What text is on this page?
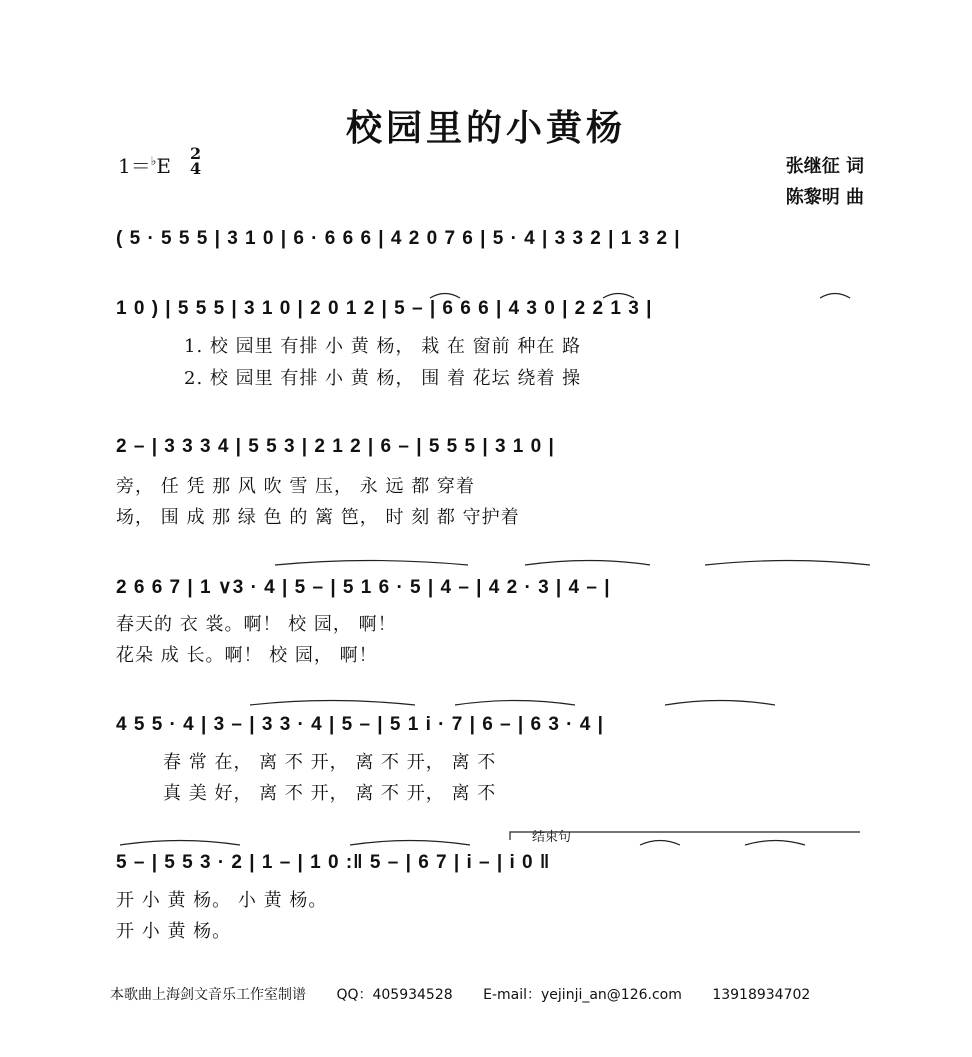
校园里的小黄杨
1＝♭E
2
4	张继征 词
陈黎明 曲
( 5 · 5 5 5 | 3 1 0 | 6 · 6 6 6 | 4 2 0 7 6 | 5 · 4 | 3 3 2 | 1 3 2 |
1 0 ) | 5 5 5 | 3 1 0 | 2 0 1 2 | 5 – | 6 6 6 | 4 3 0 | 2 2 1 3 |
1. 校 园里 有排 小 黄 杨， 栽 在 窗前 种在 路
2. 校 园里 有排 小 黄 杨， 围 着 花坛 绕着 操
2 – | 3 3 3 4 | 5 5 3 | 2 1 2 | 6 – | 5 5 5 | 3 1 0 |
旁， 任 凭 那 风 吹 雪 压， 永 远 都 穿着
场， 围 成 那 绿 色 的 篱 笆， 时 刻 都 守护着
2 6 6 7 | 1 ∨3 · 4 | 5 – | 5 1 6 · 5 | 4 – | 4 2 · 3 | 4 – |
春天的 衣 裳。啊！ 校 园， 啊！
花朵 成 长。啊！ 校 园， 啊！
4 5 5 · 4 | 3 – | 3 3 · 4 | 5 – | 5 1 i · 7 | 6 – | 6 3 · 4 |
春 常 在， 离 不 开， 离 不 开， 离 不
真 美 好， 离 不 开， 离 不 开， 离 不
结束句
5 – | 5 5 3 · 2 | 1 – | 1 0 :‖ 5 – | 6 7 | i – | i 0 ‖
开 小 黄 杨。 小 黄 杨。
开 小 黄 杨。
本歌曲上海剑文音乐工作室制谱 QQ：405934528 E-mail：yejinji_an@126.com 13918934702
